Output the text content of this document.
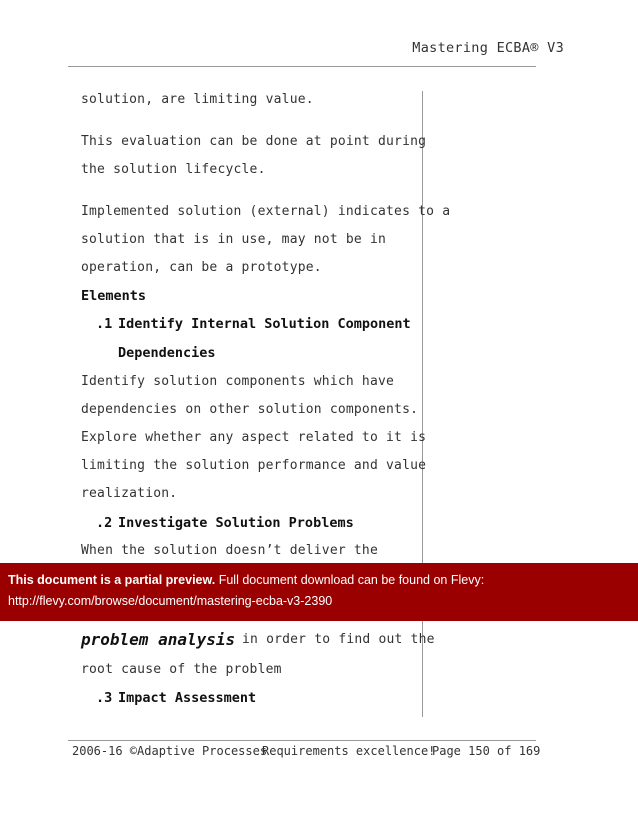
Mastering ECBA® V3
solution, are limiting value.
This evaluation can be done at point during
the solution lifecycle.
Implemented solution (external) indicates to a
solution that is in use, may not be in
operation, can be a prototype.
Elements
.1 Identify Internal Solution Component
Dependencies
Identify solution components which have
dependencies on other solution components.
Explore whether any aspect related to it is
limiting the solution performance and value
realization.
.2 Investigate Solution Problems
When the solution doesn’t deliver the
problem analysis in order to find out the
root cause of the problem
.3 Impact Assessment
This document is a partial preview. Full document download can be found on Flevy:
http://flevy.com/browse/document/mastering-ecba-v3-2390
2006-16 ©Adaptive Processes
Requirements excellence!
Page 150 of 169
